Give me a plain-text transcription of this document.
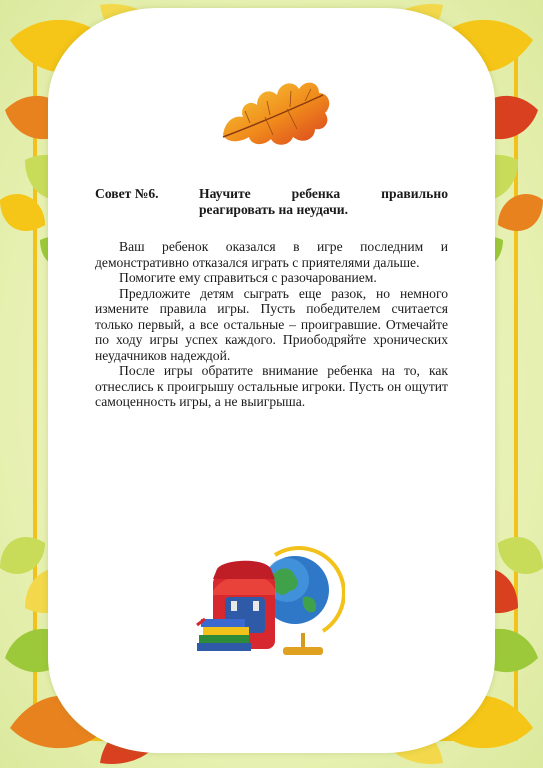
Совет №6.	Научите ребенка правильно
реагировать на неудачи.

Ваш ребенок оказался в игре последним и демонстративно отказался играть с приятелями дальше.

Помогите ему справиться с разочарованием.

Предложите детям сыграть еще разок, но немного измените правила игры. Пусть победителем считается только первый, а все остальные – проигравшие. Отмечайте по ходу игры успех каждого. Приободряйте хронических неудачников надеждой.

После игры обратите внимание ребенка на то, как отнеслись к проигрышу остальные игроки. Пусть он ощутит самоценность игры, а не выигрыша.
